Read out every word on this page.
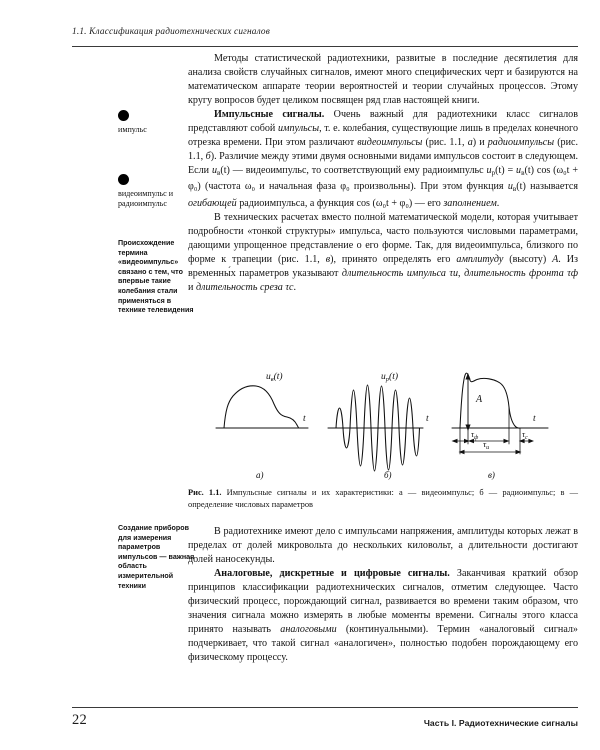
1.1. Классификация радиотехнических сигналов
импульс
видеоимпульс и радиоимпульс
Происхождение термина «видеоимпульс» связано с тем, что впервые такие колебания стали применяться в технике телевидения
Создание приборов для измерения параметров импульсов — важная область измерительной техники

Методы статистической радиотехники, развитые в последние десятилетия для анализа свойств случайных сигналов, имеют много специфических черт и базируются на математическом аппарате теории вероятностей и теории случайных процессов. Этому кругу вопросов будет целиком посвящен ряд глав настоящей книги.

Импульсные сигналы. Очень важный для радиотехники класс сигналов представляют собой импульсы, т. е. колебания, существующие лишь в пределах конечного отрезка времени. При этом различают видеоимпульсы (рис. 1.1, а) и радиоимпульсы (рис. 1.1, б). Различие между этими двумя основными видами импульсов состоит в следующем. Если $u_в(t)$ — видеоимпульс, то соответствующий ему радиоимпульс $u_р(t) = u_в(t)$ cos (ω₀t + φ₀) (частота ω₀ и начальная фаза φ₀ произвольны). При этом функция $u_в(t)$ называется огибающей радиоимпульса, а функция cos (ω₀t + φ₀) — его заполнением.

В технических расчетах вместо полной математической модели, которая учитывает подробности «тонкой структуры» импульса, часто пользуются числовыми параметрами, дающими упрощенное представление о его форме. Так, для видеоимпульса, близкого по форме к трапеции (рис. 1.1, в), принято определять его амплитуду (высоту) A. Из временны́х параметров указывают длительность импульса τи, длительность фронта τф и длительность среза τс.

$u_в(t)$
t
а)
$u_р(t)$
t
б)
A
$\tau_ф$
$\tau_и$
$\tau_с$
t
в)
Рис. 1.1. Импульсные сигналы и их характеристики: а — видеоимпульс; б — радиоимпульс; в — определение числовых параметров

В радиотехнике имеют дело с импульсами напряжения, амплитуды которых лежат в пределах от долей микровольта до нескольких киловольт, а длительности достигают долей наносекунды.

Аналоговые, дискретные и цифровые сигналы. Заканчивая краткий обзор принципов классификации радиотехнических сигналов, отметим следующее. Часто физический процесс, порождающий сигнал, развивается во времени таким образом, что значения сигнала можно измерять в любые моменты времени. Сигналы этого класса принято называть аналоговыми (континуальными). Термин «аналоговый сигнал» подчеркивает, что такой сигнал «аналогичен», полностью подобен порождающему его физическому процессу.

22	Часть I. Радиотехнические сигналы
